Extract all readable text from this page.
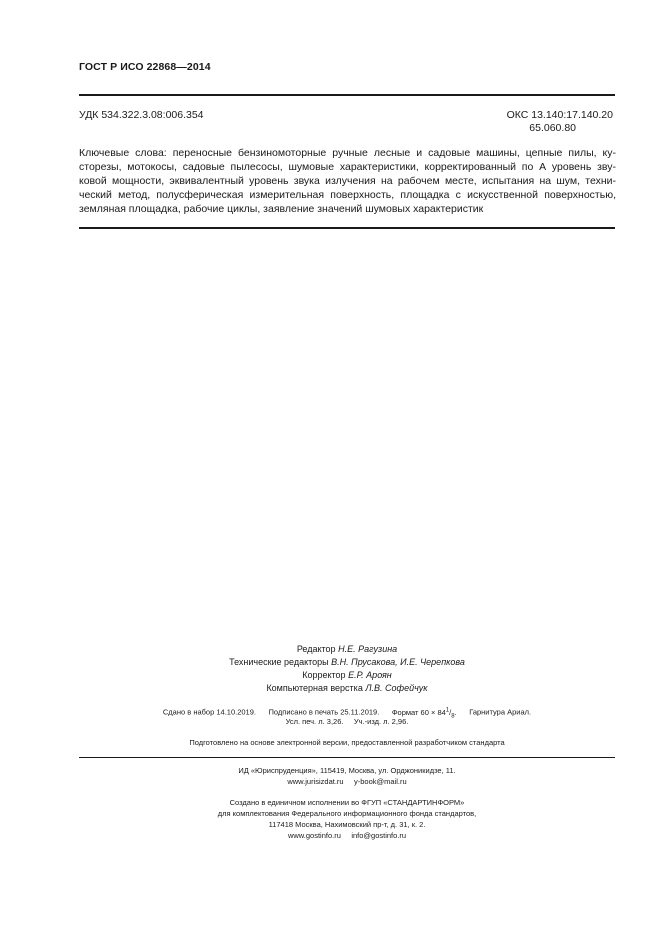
ГОСТ Р ИСО 22868—2014
УДК 534.322.3.08:006.354	ОКС 13.140:17.140.20
65.060.80
Ключевые слова: переносные бензиномоторные ручные лесные и садовые машины, цепные пилы, ку-
сторезы, мотокосы, садовые пылесосы, шумовые характеристики, корректированный по А уровень зву-
ковой мощности, эквивалентный уровень звука излучения на рабочем месте, испытания на шум, техни-
ческий метод, полусферическая измерительная поверхность, площадка с искусственной поверхностью,
земляная площадка, рабочие циклы, заявление значений шумовых характеристик
Редактор Н.Е. Рагузина
Технические редакторы В.Н. Прусакова, И.Е. Черепкова
Корректор Е.Р. Ароян
Компьютерная верстка Л.В. Софейчук
Сдано в набор 14.10.2019. Подписано в печать 25.11.2019. Формат $60 \times 84^1/_8$. Гарнитура Ариал.
Усл. печ. л. 3,26. Уч.-изд. л. 2,96.
Подготовлено на основе электронной версии, предоставленной разработчиком стандарта
ИД «Юриспруденция», 115419, Москва, ул. Орджоникидзе, 11.
www.jurisizdat.ru y-book@mail.ru
Создано в единичном исполнении во ФГУП «СТАНДАРТИНФОРМ»
для комплектования Федерального информационного фонда стандартов,
117418 Москва, Нахимовский пр-т, д. 31, к. 2.
www.gostinfo.ru info@gostinfo.ru
